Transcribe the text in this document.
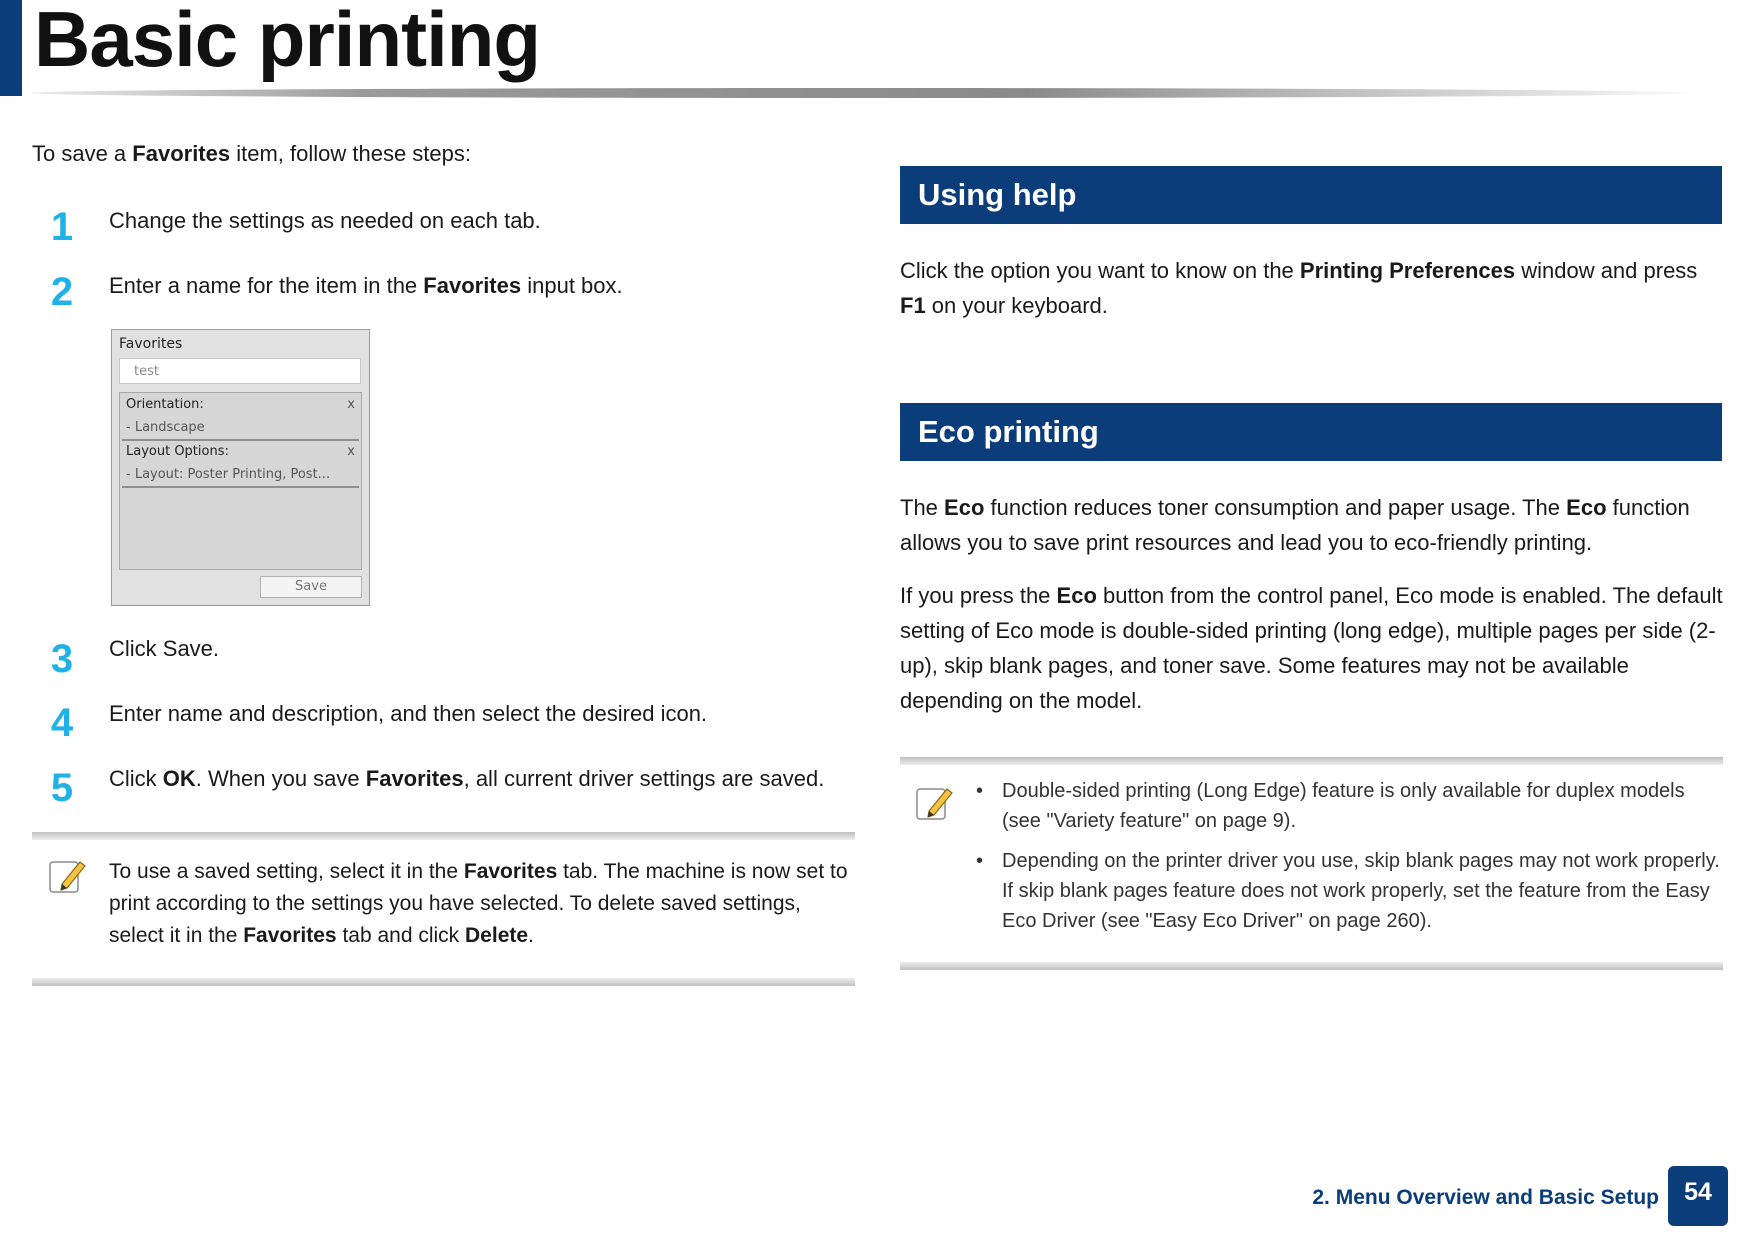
Basic printing
To save a Favorites item, follow these steps:
1	Change the settings as needed on each tab.
2	Enter a name for the item in the Favorites input box.
Favorites
test
Orientation:	x
- Landscape
Layout Options:	x
- Layout: Poster Printing, Post...
Save
3	Click Save.
4	Enter name and description, and then select the desired icon.
5	Click OK. When you save Favorites, all current driver settings are saved.
To use a saved setting, select it in the Favorites tab. The machine is now set to print according to the settings you have selected. To delete saved settings, select it in the Favorites tab and click Delete.
Using help
Click the option you want to know on the Printing Preferences window and press F1 on your keyboard.
Eco printing
The Eco function reduces toner consumption and paper usage. The Eco function allows you to save print resources and lead you to eco-friendly printing.
If you press the Eco button from the control panel, Eco mode is enabled. The default setting of Eco mode is double-sided printing (long edge), multiple pages per side (2-up), skip blank pages, and toner save. Some features may not be available depending on the model.
• Double-sided printing (Long Edge) feature is only available for duplex models (see "Variety feature" on page 9).
• Depending on the printer driver you use, skip blank pages may not work properly. If skip blank pages feature does not work properly, set the feature from the Easy Eco Driver (see "Easy Eco Driver" on page 260).
2. Menu Overview and Basic Setup	54
